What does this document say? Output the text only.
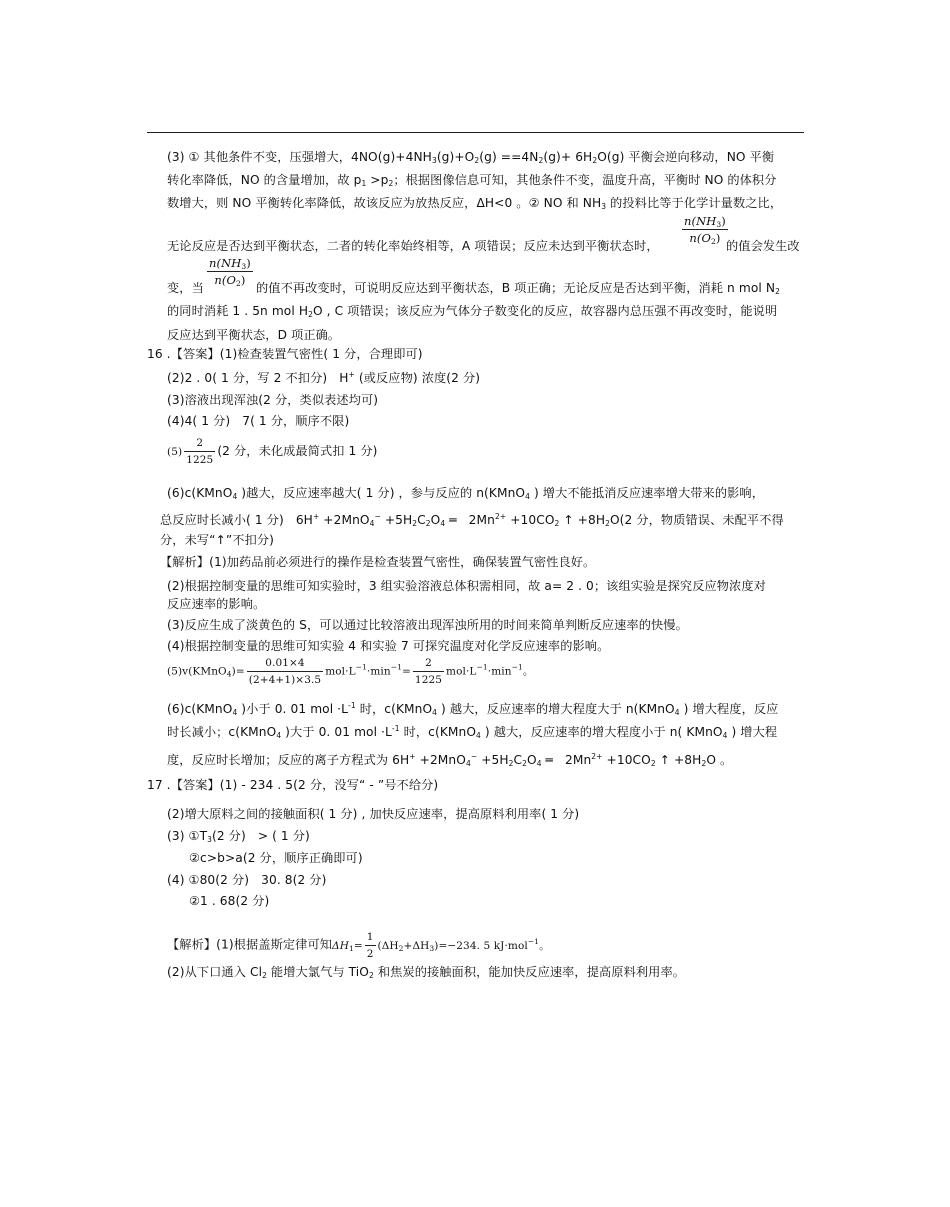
(3) ① 其他条件不变，压强增大，$4NO(g)+4NH_3(g)+O_2(g) ==4N_2(g)+ 6H_2O(g)$ 平衡会逆向移动，NO 平衡
转化率降低，NO 的含量增加，故 $p_1 >p_2$；根据图像信息可知，其他条件不变，温度升高，平衡时 NO 的体积分
数增大，则 NO 平衡转化率降低，故该反应为放热反应，ΔH<0 。② NO 和 $NH_3$ 的投料比等于化学计量数之比，
无论反应是否达到平衡状态，二者的转化率始终相等，A 项错误；反应未达到平衡状态时，
$\frac{n(NH_3)}{n(O_2)}$
的值会发生改
变，当
$\frac{n(NH_3)}{n(O_2)}$
的值不再改变时，可说明反应达到平衡状态，B 项正确；无论反应是否达到平衡，消耗 n mol $N_2$
的同时消耗 1 . 5n mol $H_2O$ , C 项错误；该反应为气体分子数变化的反应，故容器内总压强不再改变时，能说明
反应达到平衡状态，D 项正确。
16 .【答案】(1)检查装置气密性( 1 分，合理即可)
(2)2 . 0( 1 分，写 2 不扣分) H+ (或反应物) 浓度(2 分)
(3)溶液出现浑浊(2 分，类似表述均可)
(4)4( 1 分) 7( 1 分，顺序不限)
$(5) \frac{2}{1225} (2$ 分，未化成最简式扣 1 分)
(6)c(KMnO$_4$ )越大，反应速率越大( 1 分) ，参与反应的 n(KMnO$_4$ ) 增大不能抵消反应速率增大带来的影响，
总反应时长减小( 1 分) $6H^+ +2MnO_4^- +5H_2C_2O_4$ ═ $2Mn^{2+} +10CO_2$ ↑ $+8H_2O(2$ 分，物质错误、未配平不得
分，未写“↑”不扣分)
【解析】(1)加药品前必须进行的操作是检查装置气密性，确保装置气密性良好。
(2)根据控制变量的思维可知实验时，3 组实验溶液总体积需相同，故 a= 2 . 0；该组实验是探究反应物浓度对
反应速率的影响。
(3)反应生成了淡黄色的 S，可以通过比较溶液出现浑浊所用的时间来简单判断反应速率的快慢。
(4)根据控制变量的思维可知实验 4 和实验 7 可探究温度对化学反应速率的影响。
(5)v(KMnO$_4$)= $\frac{0.01\times 4}{(2+4+1)\times 3.5} mol\cdot L^{-1}\cdot\min^{-1}= \frac{2}{1225} mol\cdot L^{-1}\cdot\min^{-1}$。
(6)c(KMnO$_4$ )小于 0. 01 mol $\cdot L^{-1}$ 时，c(KMnO$_4$ ) 越大，反应速率的增大程度大于 n(KMnO$_4$ ) 增大程度，反应
时长减小；c(KMnO$_4$ )大于 0. 01 mol $\cdot L^{-1}$ 时，c(KMnO$_4$ ) 越大，反应速率的增大程度小于 n( KMnO$_4$ ) 增大程
度，反应时长增加；反应的离子方程式为 $6H^+ +2MnO_4^- +5H_2C_2O_4$ ═ $2Mn^{2+} +10CO_2$ ↑ $+8H_2O$ 。
17 .【答案】(1) - 234 . 5(2 分，没写“ - ”号不给分)
(2)增大原料之间的接触面积( 1 分) , 加快反应速率，提高原料利用率( 1 分)
(3) $①T_3(2$ 分) > ( 1 分)
②c>b>a(2 分，顺序正确即可)
(4) ①80(2 分) 30. 8(2 分)
②1 . 68(2 分)
【解析】(1)根据盖斯定律可知$\Delta H_1= \frac{1}{2} (\Delta H_2+\Delta H_3)=-234$. 5 kJ·mol$^{-1}$。
(2)从下口通入 $Cl_2$ 能增大氯气与 TiO$_2$ 和焦炭的接触面积，能加快反应速率，提高原料利用率。
